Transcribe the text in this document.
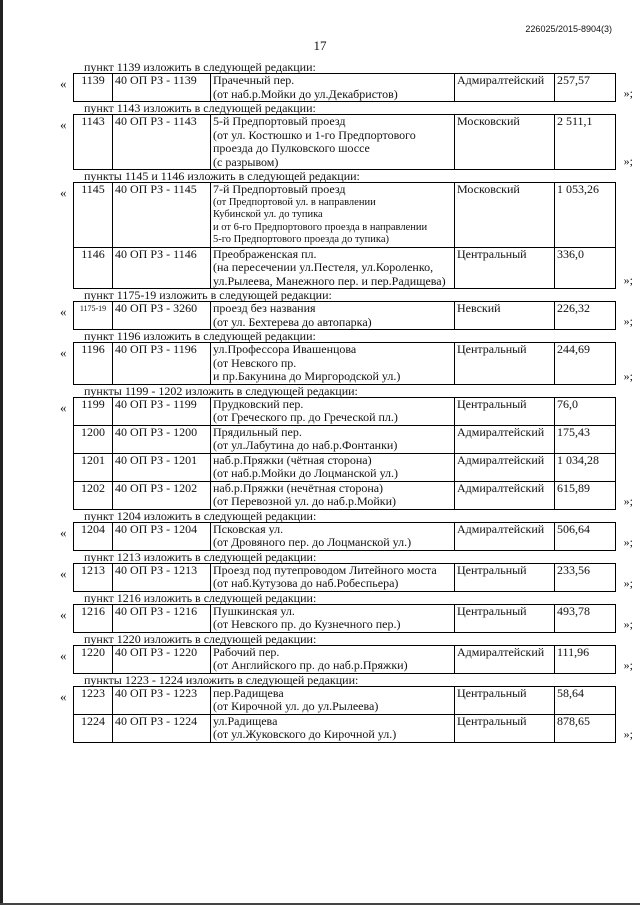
226025/2015-8904(3)
17
пункт 1139 изложить в следующей редакции:
« 1139	40 ОП РЗ - 1139	Прачечный пер.
(от наб.р.Мойки до ул.Декабристов)
	Адмиралтейский	257,57
»;
пункт 1143 изложить в следующей редакции:
« 1143	40 ОП РЗ - 1143	5-й Предпортовый проезд
(от ул. Костюшко и 1-го Предпортового
проезда до Пулковского шоссе
(с разрывом)
	Московский	2 511,1
»;
пункты 1145 и 1146 изложить в следующей редакции:
« 1145	40 ОП РЗ - 1145	7-й Предпортовый проезд
(от Предпортовой ул. в направлении
Кубинской ул. до тупика
и от 6-го Предпортового проезда в направлении
5-го Предпортового проезда до тупика)	Московский	1 053,26
1146	40 ОП РЗ - 1146	Преображенская пл.
(на пересечении ул.Пестеля, ул.Короленко,
ул.Рылеева, Манежного пер. и пер.Радищева)	Центральный	336,0
»;
пункт 1175-19 изложить в следующей редакции:
« $^{1175-19}$	40 ОП РЗ - 3260	проезд без названия
(от ул. Бехтерева до автопарка)
	Невский	226,32
»;
пункт 1196 изложить в следующей редакции:
« 1196	40 ОП РЗ - 1196	ул.Профессора Ивашенцова
(от Невского пр.
и пр.Бакунина до Миргородской ул.)
	Центральный	244,69
»;
пункты 1199 - 1202 изложить в следующей редакции:
« 1199	40 ОП РЗ - 1199	Прудковский пер.
(от Греческого пр. до Греческой пл.)	Центральный	76,0
1200	40 ОП РЗ - 1200	Прядильный пер.
(от ул.Лабутина до наб.р.Фонтанки)	Адмиралтейский	175,43
1201	40 ОП РЗ - 1201	наб.р.Пряжки (чётная сторона)
(от наб.р.Мойки до Лоцманской ул.)	Адмиралтейский	1 034,28
1202	40 ОП РЗ - 1202	наб.р.Пряжки (нечётная сторона)
(от Перевозной ул. до наб.р.Мойки)	Адмиралтейский	615,89
»;
пункт 1204 изложить в следующей редакции:
« 1204	40 ОП РЗ - 1204	Псковская ул.
(от Дровяного пер. до Лоцманской ул.)
	Адмиралтейский	506,64
»;
пункт 1213 изложить в следующей редакции:
« 1213	40 ОП РЗ - 1213	Проезд под путепроводом Литейного моста
(от наб.Кутузова до наб.Робеспьера)
	Центральный	233,56
»;
пункт 1216 изложить в следующей редакции:
« 1216	40 ОП РЗ - 1216	Пушкинская ул.
(от Невского пр. до Кузнечного пер.)
	Центральный	493,78
»;
пункт 1220 изложить в следующей редакции:
« 1220	40 ОП РЗ - 1220	Рабочий пер.
(от Английского пр. до наб.р.Пряжки)
	Адмиралтейский	111,96
»;
пункты 1223 - 1224 изложить в следующей редакции:
« 1223	40 ОП РЗ - 1223	пер.Радищева
(от Кирочной ул. до ул.Рылеева)	Центральный	58,64
1224	40 ОП РЗ - 1224	ул.Радищева
(от ул.Жуковского до Кирочной ул.)	Центральный	878,65
»;
